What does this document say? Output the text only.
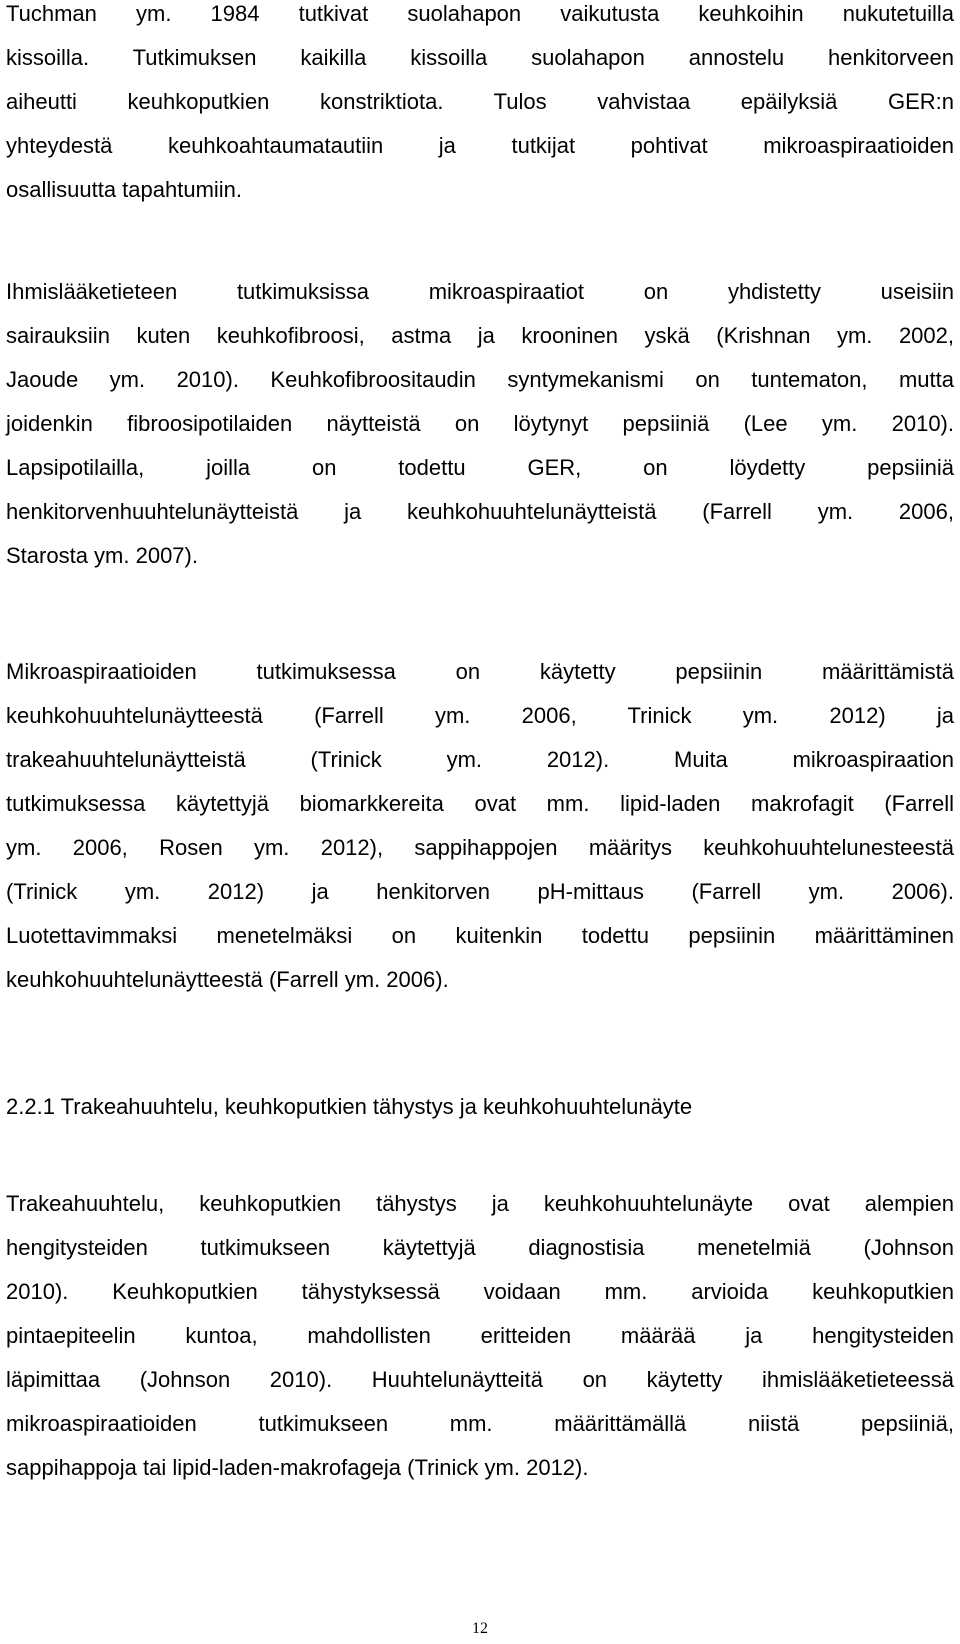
Tuchman ym. 1984 tutkivat suolahapon vaikutusta keuhkoihin nukutetuilla
kissoilla. Tutkimuksen kaikilla kissoilla suolahapon annostelu henkitorveen
aiheutti keuhkoputkien konstriktiota. Tulos vahvistaa epäilyksiä GER:n
yhteydestä keuhkoahtaumatautiin ja tutkijat pohtivat mikroaspiraatioiden
osallisuutta tapahtumiin.
Ihmislääketieteen tutkimuksissa mikroaspiraatiot on yhdistetty useisiin
sairauksiin kuten keuhkofibroosi, astma ja krooninen yskä (Krishnan ym. 2002,
Jaoude ym. 2010). Keuhkofibroositaudin syntymekanismi on tuntematon, mutta
joidenkin fibroosipotilaiden näytteistä on löytynyt pepsiiniä (Lee ym. 2010).
Lapsipotilailla, joilla on todettu GER, on löydetty pepsiiniä
henkitorvenhuuhtelunäytteistä ja keuhkohuuhtelunäytteistä (Farrell ym. 2006,
Starosta ym. 2007).
Mikroaspiraatioiden tutkimuksessa on käytetty pepsiinin määrittämistä
keuhkohuuhtelunäytteestä (Farrell ym. 2006, Trinick ym. 2012) ja
trakeahuuhtelunäytteistä (Trinick ym. 2012). Muita mikroaspiraation
tutkimuksessa käytettyjä biomarkkereita ovat mm. lipid-laden makrofagit (Farrell
ym. 2006, Rosen ym. 2012), sappihappojen määritys keuhkohuuhtelunesteestä
(Trinick ym. 2012) ja henkitorven pH-mittaus (Farrell ym. 2006).
Luotettavimmaksi menetelmäksi on kuitenkin todettu pepsiinin määrittäminen
keuhkohuuhtelunäytteestä (Farrell ym. 2006).
2.2.1 Trakeahuuhtelu, keuhkoputkien tähystys ja keuhkohuuhtelunäyte
Trakeahuuhtelu, keuhkoputkien tähystys ja keuhkohuuhtelunäyte ovat alempien
hengitysteiden tutkimukseen käytettyjä diagnostisia menetelmiä (Johnson
2010). Keuhkoputkien tähystyksessä voidaan mm. arvioida keuhkoputkien
pintaepiteelin kuntoa, mahdollisten eritteiden määrää ja hengitysteiden
läpimittaa (Johnson 2010). Huuhtelunäytteitä on käytetty ihmislääketieteessä
mikroaspiraatioiden tutkimukseen mm. määrittämällä niistä pepsiiniä,
sappihappoja tai lipid-laden-makrofageja (Trinick ym. 2012).
12
